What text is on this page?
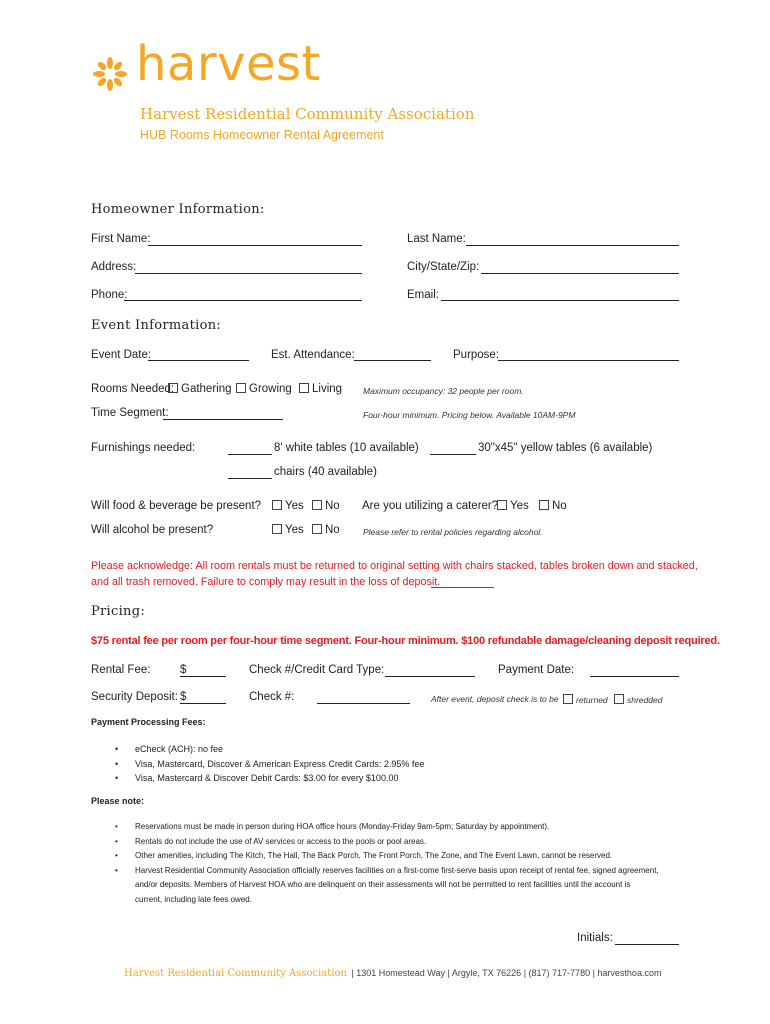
harvest
Harvest Residential Community Association
HUB Rooms Homeowner Rental Agreement
Homeowner Information:
First Name:	Last Name:
Address:	City/State/Zip:
Phone:	Email:
Event Information:
Event Date:	Est. Attendance:	Purpose:
Rooms Needed: Gathering	Growing	Living Maximum occupancy: 32 people per room.
Time Segment:	Four-hour minimum. Pricing below. Available 10AM-9PM
Furnishings needed:	8' white tables (10 available)	30"x45" yellow tables (6 available)
chairs (40 available)
Will food & beverage be present?	Yes	No Are you utilizing a caterer?	Yes	No
Will alcohol be present?	Yes	No	Please refer to rental policies regarding alcohol.
Please acknowledge: All room rentals must be returned to original setting with chairs stacked, tables broken down and stacked,
and all trash removed. Failure to comply may result in the loss of deposit.
Pricing:
$75 rental fee per room per four-hour time segment. Four-hour minimum. $100 refundable damage/cleaning deposit required.
Rental Fee:	$	Check #/Credit Card Type:	Payment Date:
Security Deposit: $	Check #:	After event, deposit check is to be	returned	shredded
Payment Processing Fees:
• eCheck (ACH): no fee
• Visa, Mastercard, Discover & American Express Credit Cards: 2.95% fee
• Visa, Mastercard & Discover Debit Cards: $3.00 for every $100.00
Please note:
• Reservations must be made in person during HOA office hours (Monday-Friday 9am-5pm; Saturday by appointment).
• Rentals do not include the use of AV services or access to the pools or pool areas.
• Other amenities, including The Kitch, The Hall, The Back Porch, The Front Porch, The Zone, and The Event Lawn, cannot be reserved.
• Harvest Residential Community Association officially reserves facilities on a first-come first-serve basis upon receipt of rental fee, signed agreement,
and/or deposits. Members of Harvest HOA who are delinquent on their assessments will not be permitted to rent facilities until the account is
current, including late fees owed.
Initials:
Harvest Residential Community Association | 1301 Homestead Way | Argyle, TX 76226 | (817) 717-7780 | harvesthoa.com
